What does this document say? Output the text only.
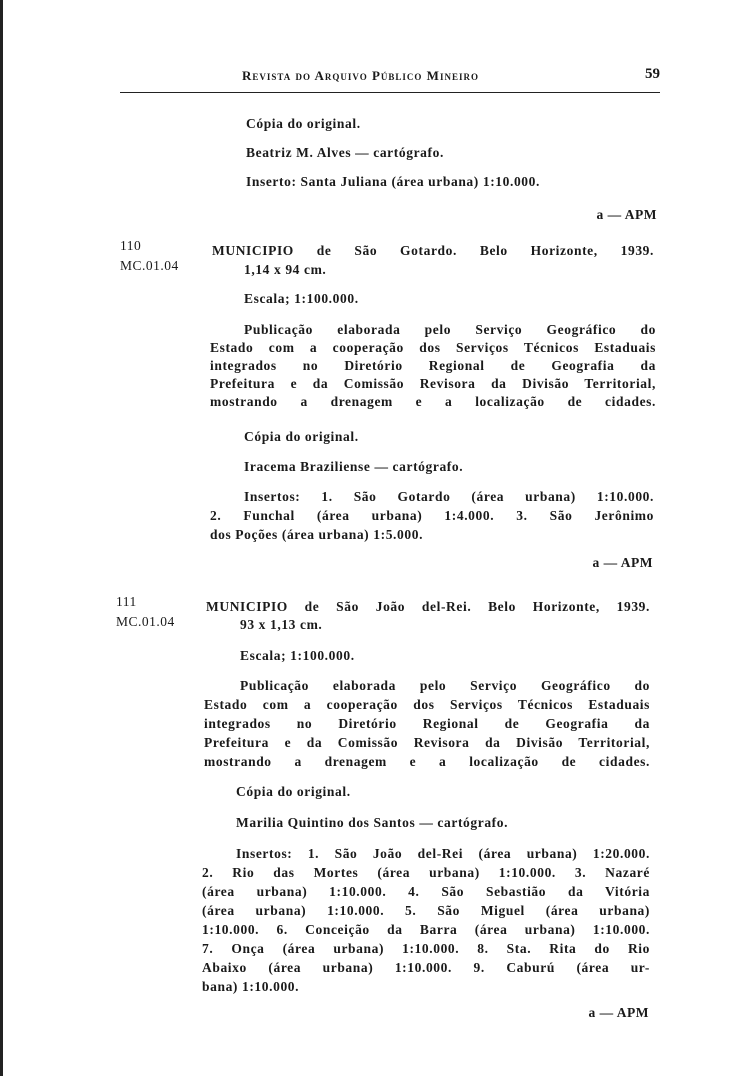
Revista do Arquivo Público Mineiro	59
Cópia do original.
Beatriz M. Alves — cartógrafo.
Inserto: Santa Juliana (área urbana) 1:10.000.
a — APM
110
MC.01.04
MUNICIPIO de São Gotardo. Belo Horizonte, 1939.
1,14 x 94 cm.
Escala; 1:100.000.
Publicação elaborada pelo Serviço Geográfico do
Estado com a cooperação dos Serviços Técnicos Estaduais
integrados no Diretório Regional de Geografia da
Prefeitura e da Comissão Revisora da Divisão Territorial,
mostrando a drenagem e a localização de cidades.
Cópia do original.
Iracema Braziliense — cartógrafo.
Insertos: 1. São Gotardo (área urbana) 1:10.000.
2. Funchal (área urbana) 1:4.000. 3. São Jerônimo
dos Poções (área urbana) 1:5.000.
a — APM
111
MC.01.04
MUNICIPIO de São João del-Rei. Belo Horizonte, 1939.
93 x 1,13 cm.
Escala; 1:100.000.
Publicação elaborada pelo Serviço Geográfico do
Estado com a cooperação dos Serviços Técnicos Estaduais
integrados no Diretório Regional de Geografia da
Prefeitura e da Comissão Revisora da Divisão Territorial,
mostrando a drenagem e a localização de cidades.
Cópia do original.
Marilia Quintino dos Santos — cartógrafo.
Insertos: 1. São João del-Rei (área urbana) 1:20.000.
2. Rio das Mortes (área urbana) 1:10.000. 3. Nazaré
(área urbana) 1:10.000. 4. São Sebastião da Vitória
(área urbana) 1:10.000. 5. São Miguel (área urbana)
1:10.000. 6. Conceição da Barra (área urbana) 1:10.000.
7. Onça (área urbana) 1:10.000. 8. Sta. Rita do Rio
Abaixo (área urbana) 1:10.000. 9. Caburú (área ur-
bana) 1:10.000.
a — APM
